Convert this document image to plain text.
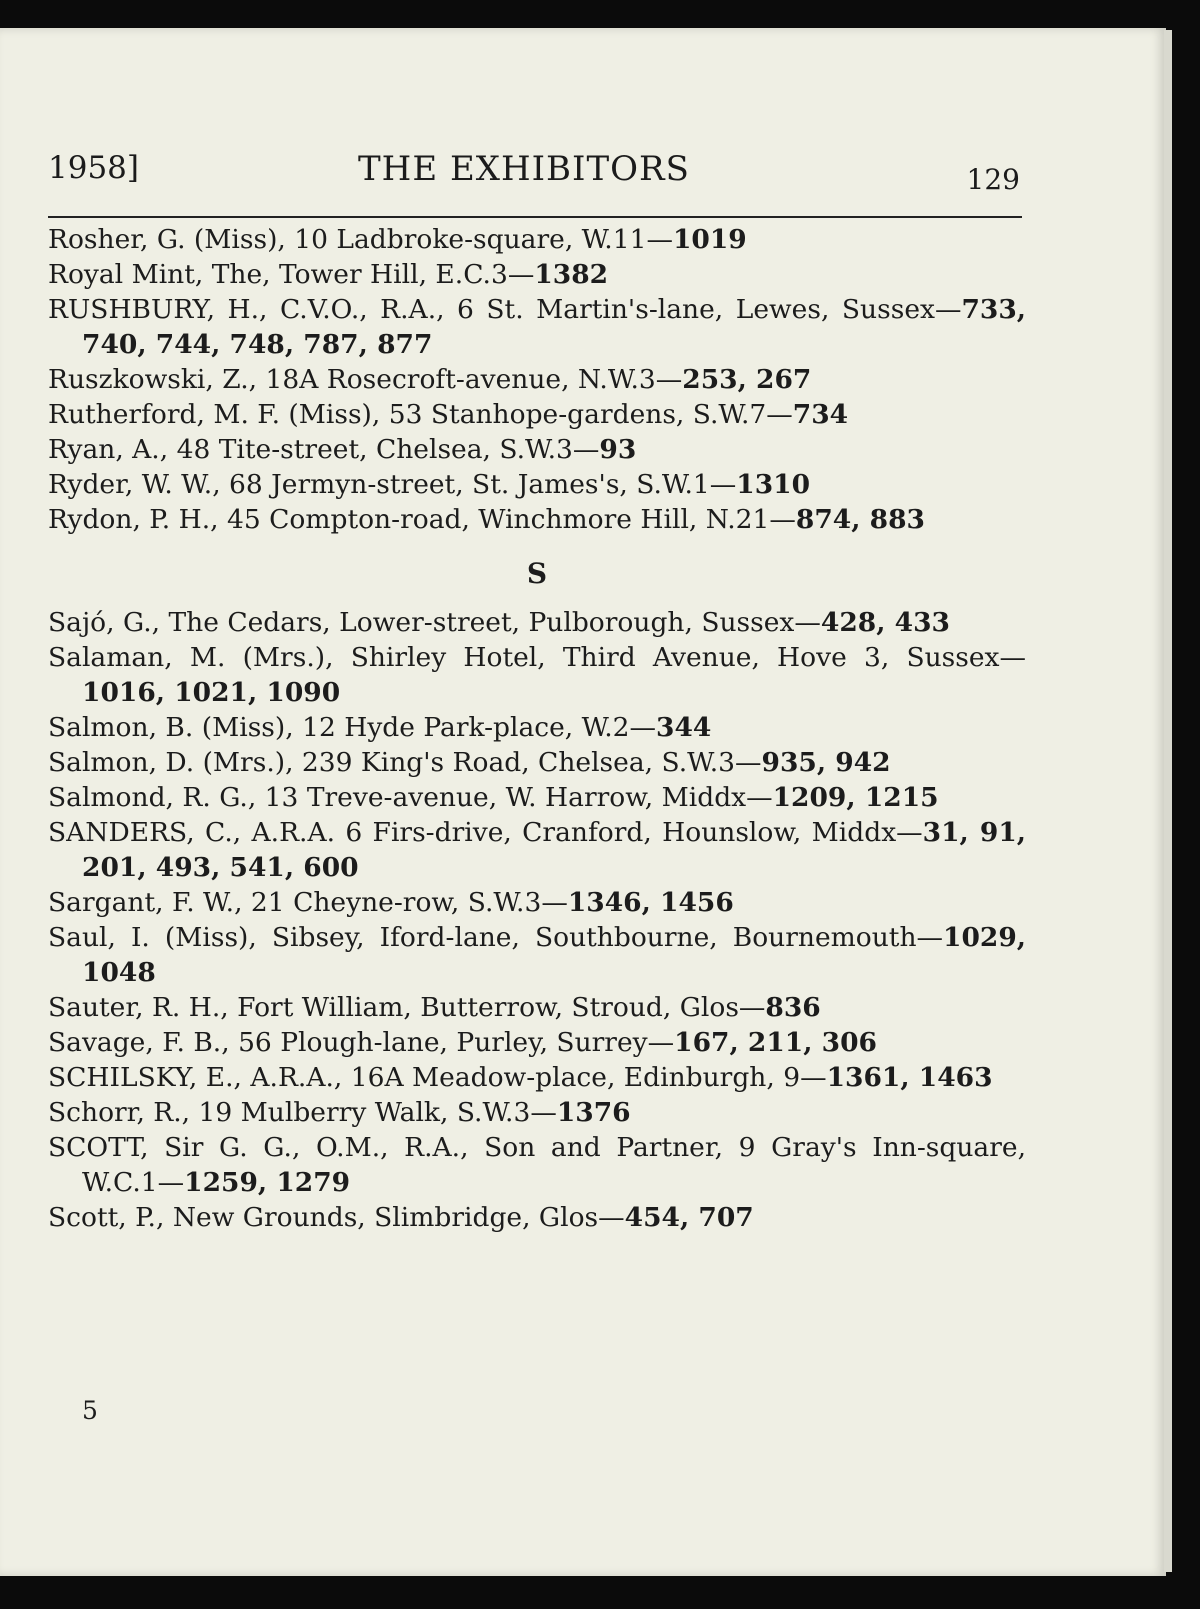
1958]	THE EXHIBITORS	129

Rosher, G. (Miss), 10 Ladbroke-square, W.11—1019

Royal Mint, The, Tower Hill, E.C.3—1382

RUSHBURY, H., C.V.O., R.A., 6 St. Martin's-lane, Lewes, Sussex—733, 740, 744, 748, 787, 877

Ruszkowski, Z., 18A Rosecroft-avenue, N.W.3—253, 267

Rutherford, M. F. (Miss), 53 Stanhope-gardens, S.W.7—734

Ryan, A., 48 Tite-street, Chelsea, S.W.3—93

Ryder, W. W., 68 Jermyn-street, St. James's, S.W.1—1310

Rydon, P. H., 45 Compton-road, Winchmore Hill, N.21—874, 883

S

Sajó, G., The Cedars, Lower-street, Pulborough, Sussex—428, 433

Salaman, M. (Mrs.), Shirley Hotel, Third Avenue, Hove 3, Sussex—1016, 1021, 1090

Salmon, B. (Miss), 12 Hyde Park-place, W.2—344

Salmon, D. (Mrs.), 239 King's Road, Chelsea, S.W.3—935, 942

Salmond, R. G., 13 Treve-avenue, W. Harrow, Middx—1209, 1215

SANDERS, C., A.R.A. 6 Firs-drive, Cranford, Hounslow, Middx—31, 91, 201, 493, 541, 600

Sargant, F. W., 21 Cheyne-row, S.W.3—1346, 1456

Saul, I. (Miss), Sibsey, Iford-lane, Southbourne, Bournemouth—1029, 1048

Sauter, R. H., Fort William, Butterrow, Stroud, Glos—836

Savage, F. B., 56 Plough-lane, Purley, Surrey—167, 211, 306

SCHILSKY, E., A.R.A., 16A Meadow-place, Edinburgh, 9—1361, 1463

Schorr, R., 19 Mulberry Walk, S.W.3—1376

SCOTT, Sir G. G., O.M., R.A., Son and Partner, 9 Gray's Inn-square, W.C.1—1259, 1279

Scott, P., New Grounds, Slimbridge, Glos—454, 707

5
